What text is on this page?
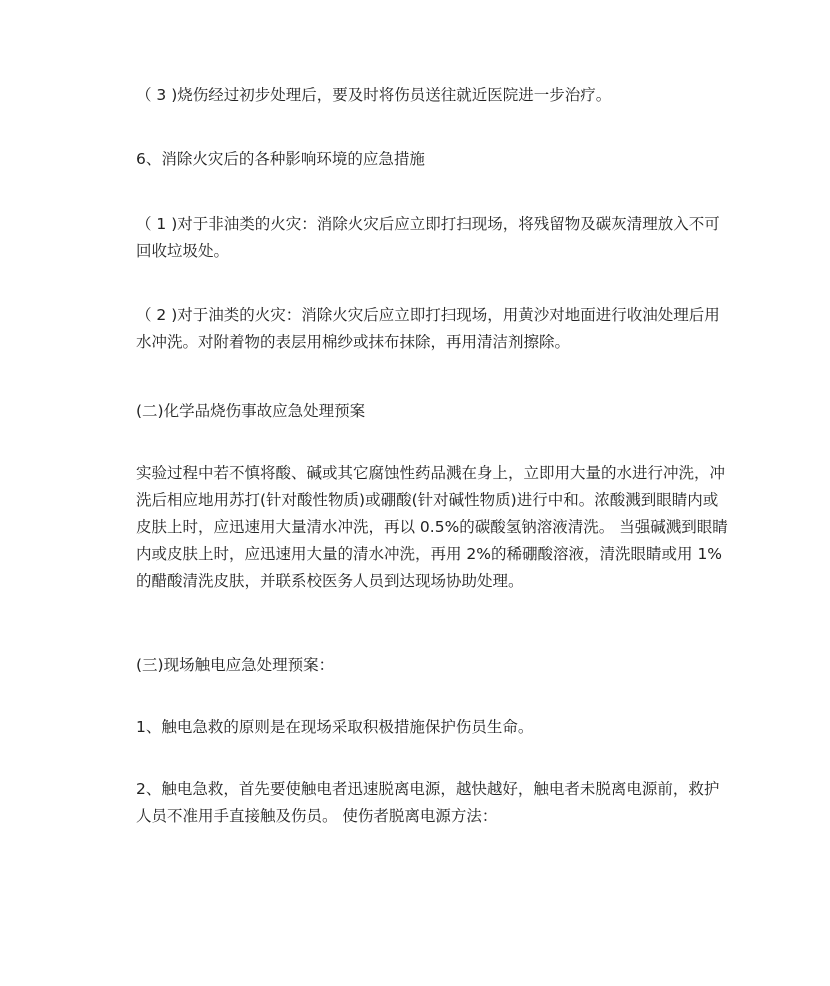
（ 3 )烧伤经过初步处理后，要及时将伤员送往就近医院进一步治疗。

6、消除火灾后的各种影响环境的应急措施

（ 1 )对于非油类的火灾：消除火灾后应立即打扫现场，将残留物及碳灰清理放入不可回收垃圾处。

（ 2 )对于油类的火灾：消除火灾后应立即打扫现场，用黄沙对地面进行收油处理后用水冲洗。对附着物的表层用棉纱或抹布抹除，再用清洁剂擦除。

(二)化学品烧伤事故应急处理预案

实验过程中若不慎将酸、碱或其它腐蚀性药品溅在身上，立即用大量的水进行冲洗，冲洗后相应地用苏打(针对酸性物质)或硼酸(针对碱性物质)进行中和。浓酸溅到眼睛内或皮肤上时，应迅速用大量清水冲洗，再以 0.5%的碳酸氢钠溶液清洗。 当强碱溅到眼睛内或皮肤上时，应迅速用大量的清水冲洗，再用 2%的稀硼酸溶液，清洗眼睛或用 1%的醋酸清洗皮肤，并联系校医务人员到达现场协助处理。

(三)现场触电应急处理预案：

1、触电急救的原则是在现场采取积极措施保护伤员生命。

2、触电急救，首先要使触电者迅速脱离电源，越快越好，触电者未脱离电源前，救护人员不准用手直接触及伤员。 使伤者脱离电源方法：
